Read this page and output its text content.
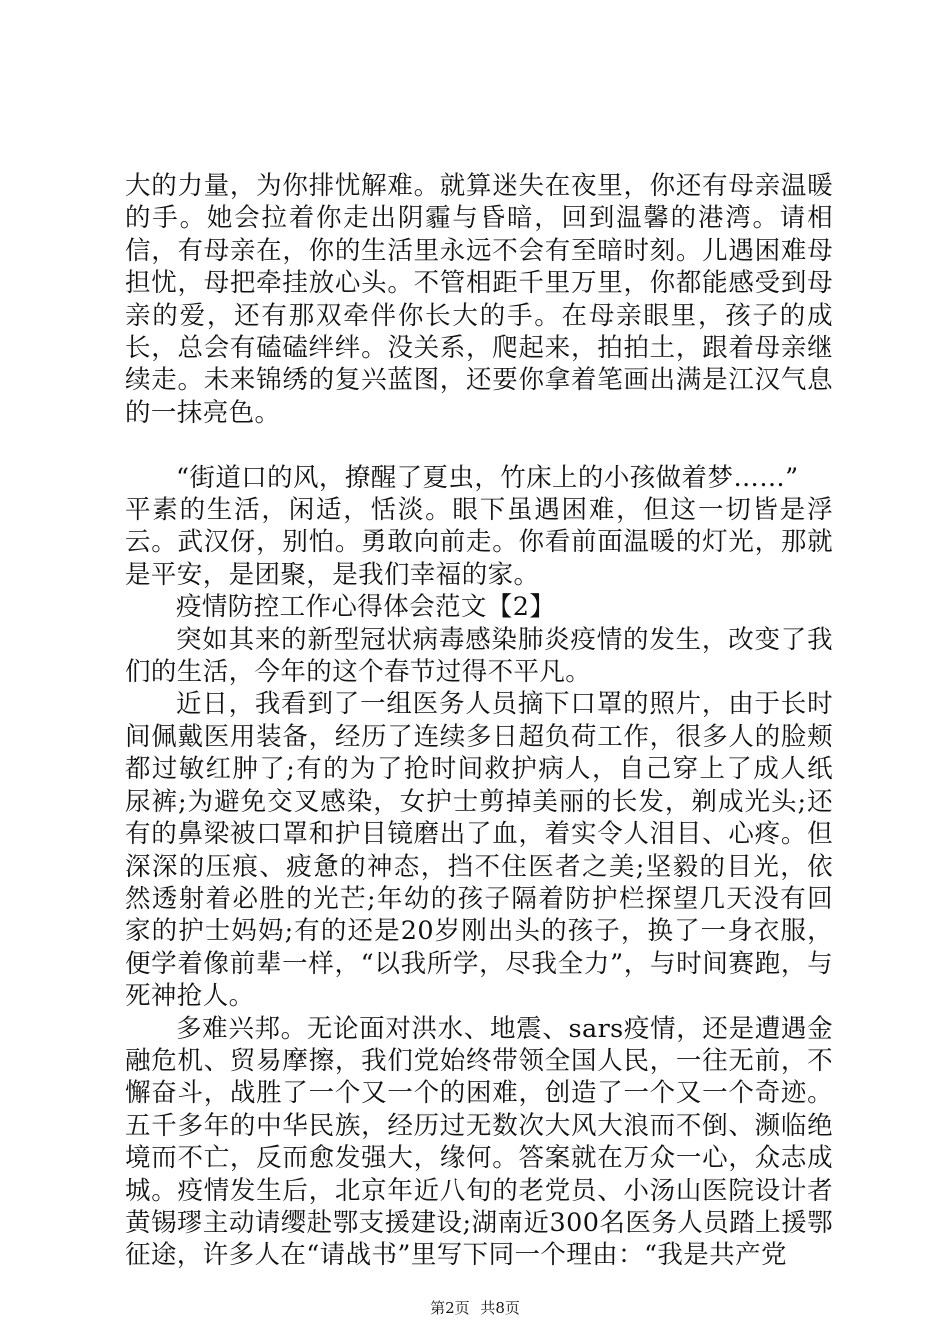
大的力量，为你排忧解难。就算迷失在夜里，你还有母亲温暖的手。她会拉着你走出阴霾与昏暗，回到温馨的港湾。请相信，有母亲在，你的生活里永远不会有至暗时刻。儿遇困难母担忧，母把牵挂放心头。不管相距千里万里，你都能感受到母亲的爱，还有那双牵伴你长大的手。在母亲眼里，孩子的成长，总会有磕磕绊绊。没关系，爬起来，拍拍土，跟着母亲继续走。未来锦绣的复兴蓝图，还要你拿着笔画出满是江汉气息的一抹亮色。

“街道口的风，撩醒了夏虫，竹床上的小孩做着梦……”

平素的生活，闲适，恬淡。眼下虽遇困难，但这一切皆是浮云。武汉伢，别怕。勇敢向前走。你看前面温暖的灯光，那就是平安，是团聚，是我们幸福的家。

疫情防控工作心得体会范文【2】

突如其来的新型冠状病毒感染肺炎疫情的发生，改变了我们的生活，今年的这个春节过得不平凡。

近日，我看到了一组医务人员摘下口罩的照片，由于长时间佩戴医用装备，经历了连续多日超负荷工作，很多人的脸颊都过敏红肿了;有的为了抢时间救护病人，自己穿上了成人纸尿裤;为避免交叉感染，女护士剪掉美丽的长发，剃成光头;还有的鼻梁被口罩和护目镜磨出了血，着实令人泪目、心疼。但深深的压痕、疲惫的神态，挡不住医者之美;坚毅的目光，依然透射着必胜的光芒;年幼的孩子隔着防护栏探望几天没有回家的护士妈妈;有的还是20岁刚出头的孩子，换了一身衣服，便学着像前辈一样，“以我所学，尽我全力”，与时间赛跑，与死神抢人。

多难兴邦。无论面对洪水、地震、sars疫情，还是遭遇金融危机、贸易摩擦，我们党始终带领全国人民，一往无前，不懈奋斗，战胜了一个又一个的困难，创造了一个又一个奇迹。五千多年的中华民族，经历过无数次大风大浪而不倒、濒临绝境而不亡，反而愈发强大，缘何。答案就在万众一心，众志成城。疫情发生后，北京年近八旬的老党员、小汤山医院设计者黄锡璆主动请缨赴鄂支援建设;湖南近300名医务人员踏上援鄂征途，许多人在“请战书”里写下同一个理由：“我是共产党

第2页 共8页
